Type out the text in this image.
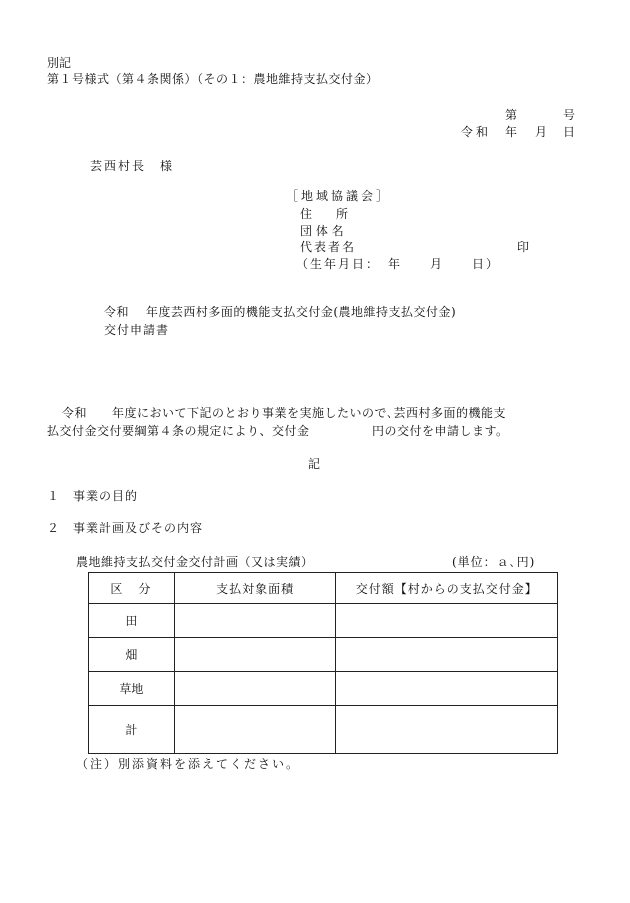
別記
第１号様式（第４条関係）（その１：農地維持支払交付金）
第	号
令和 年 月 日
芸西村長　様
［地域協議会］
住　　所
団 体 名
代表者名	印
（生年月日：　年　　月　　日）
令和　 年度芸西村多面的機能支払交付金(農地維持支払交付金)
交付申請書
令和　　年度において下記のとおり事業を実施したいので､芸西村多面的機能支
払交付金交付要綱第４条の規定により、交付金　　　　　円の交付を申請します。
記
１　事業の目的
２　事業計画及びその内容
農地維持支払交付金交付計画（又は実績）	(単位：ａ､円)
区　分	支払対象面積	交付額【村からの支払交付金】
田		
畑		
草地		
計		
（注）別添資料を添えてください。
